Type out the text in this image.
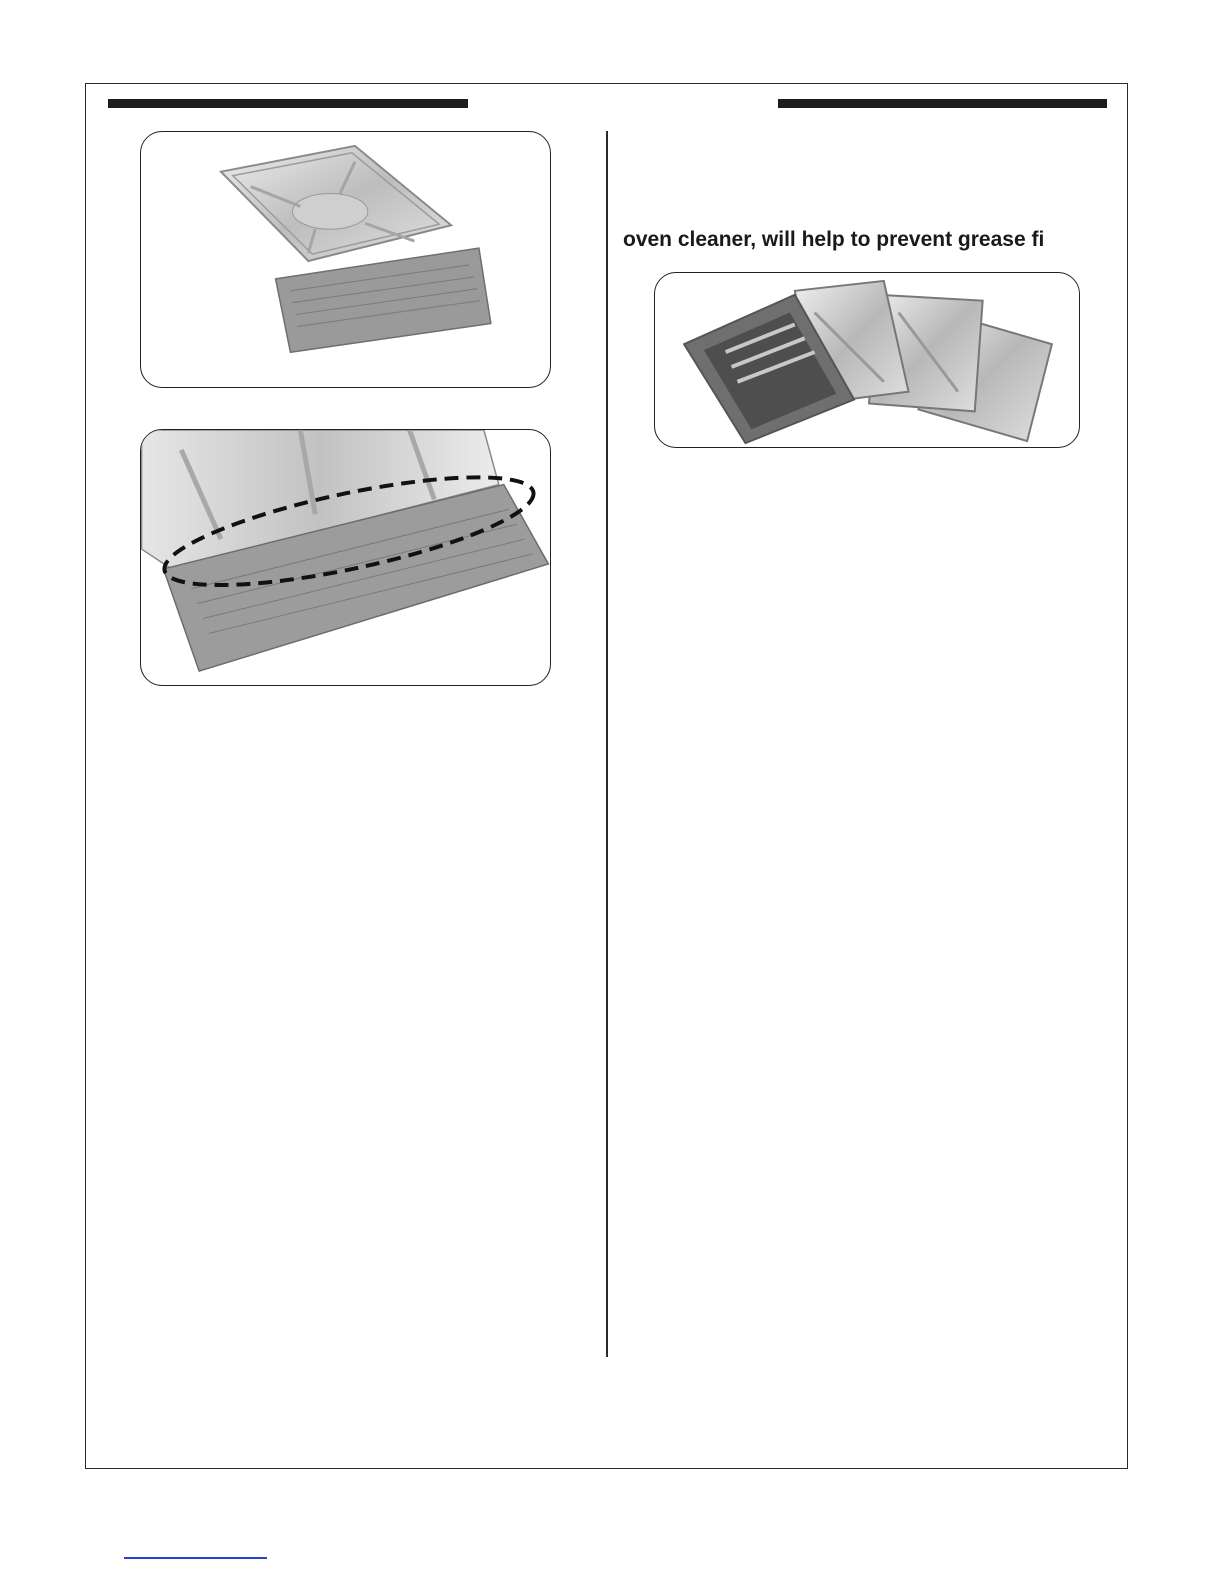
oven cleaner, will help to prevent grease fi
